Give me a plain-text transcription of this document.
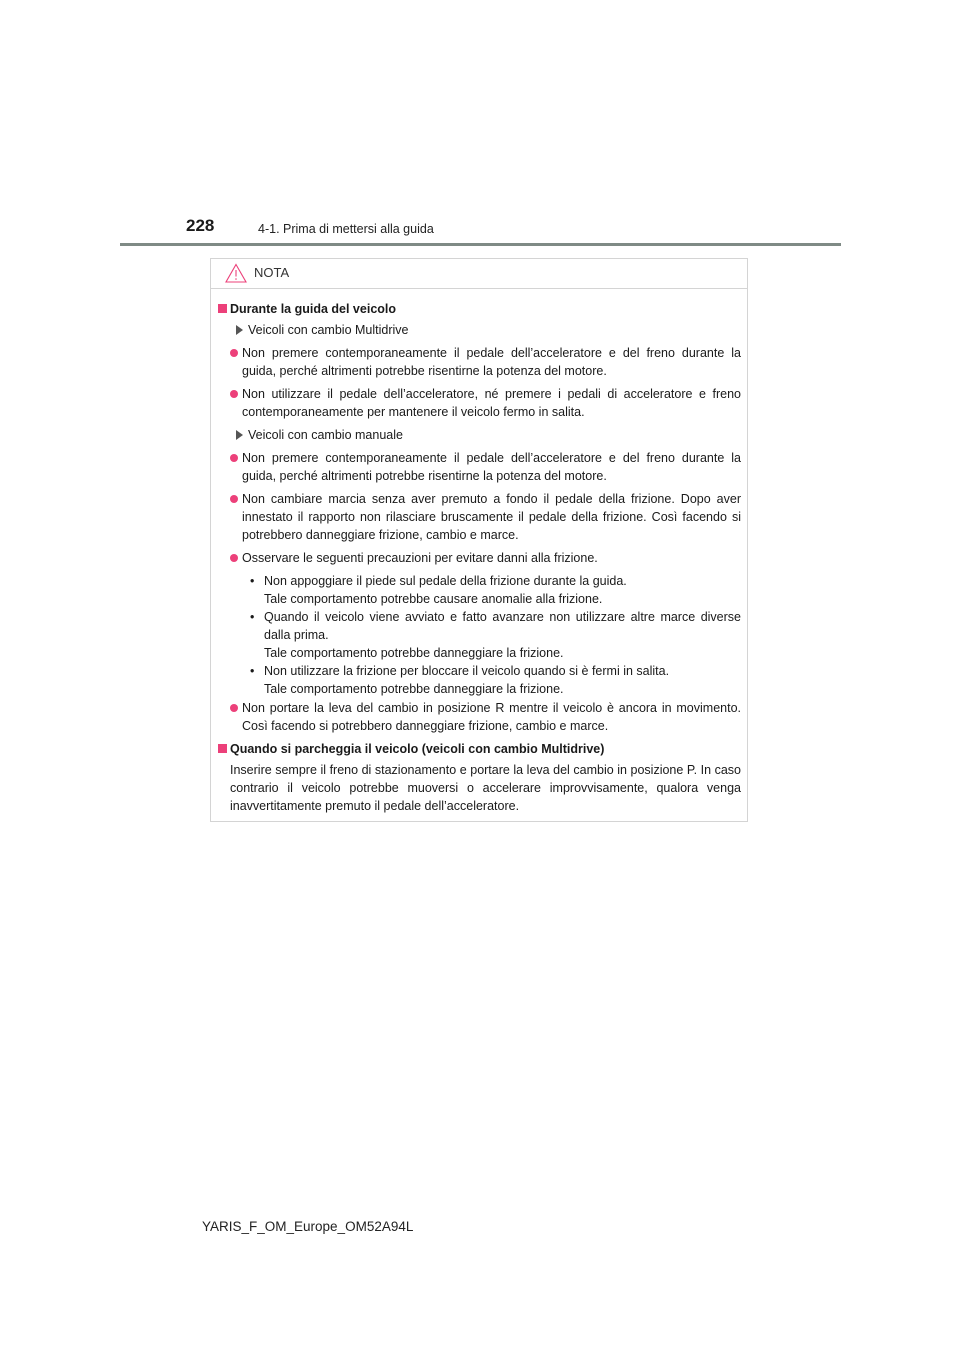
228	4-1. Prima di mettersi alla guida
NOTA
Durante la guida del veicolo
Veicoli con cambio Multidrive
Non premere contemporaneamente il pedale dell’acceleratore e del freno durante la guida, perché altrimenti potrebbe risentirne la potenza del motore.
Non utilizzare il pedale dell’acceleratore, né premere i pedali di acceleratore e freno contemporaneamente per mantenere il veicolo fermo in salita.
Veicoli con cambio manuale
Non premere contemporaneamente il pedale dell’acceleratore e del freno durante la guida, perché altrimenti potrebbe risentirne la potenza del motore.
Non cambiare marcia senza aver premuto a fondo il pedale della frizione. Dopo aver innestato il rapporto non rilasciare bruscamente il pedale della frizione. Così facendo si potrebbero danneggiare frizione, cambio e marce.
Osservare le seguenti precauzioni per evitare danni alla frizione.
• Non appoggiare il piede sul pedale della frizione durante la guida.
Tale comportamento potrebbe causare anomalie alla frizione.
• Quando il veicolo viene avviato e fatto avanzare non utilizzare altre marce diverse dalla prima.
Tale comportamento potrebbe danneggiare la frizione.
• Non utilizzare la frizione per bloccare il veicolo quando si è fermi in salita.
Tale comportamento potrebbe danneggiare la frizione.
Non portare la leva del cambio in posizione R mentre il veicolo è ancora in movimento. Così facendo si potrebbero danneggiare frizione, cambio e marce.
Quando si parcheggia il veicolo (veicoli con cambio Multidrive)
Inserire sempre il freno di stazionamento e portare la leva del cambio in posizione P. In caso contrario il veicolo potrebbe muoversi o accelerare improvvisamente, qualora venga inavvertitamente premuto il pedale dell’acceleratore.
YARIS_F_OM_Europe_OM52A94L
